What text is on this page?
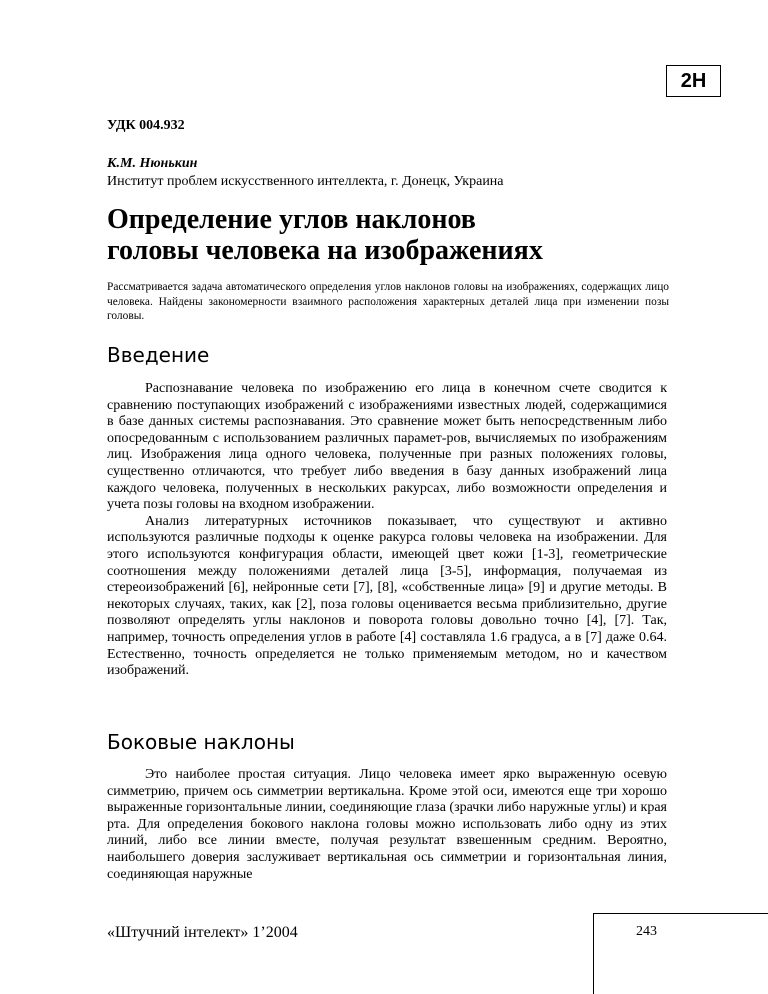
2Н
УДК 004.932
К.М. Нюнькин
Институт проблем искусственного интеллекта, г. Донецк, Украина
Определение углов наклонов
головы человека на изображениях

Рассматривается задача автоматического определения углов наклонов головы на изображениях, содержащих лицо человека. Найдены закономерности взаимного расположения характерных деталей лица при изменении позы головы.

Введение

Распознавание человека по изображению его лица в конечном счете сводится к сравнению поступающих изображений с изображениями известных людей, содержащимися в базе данных системы распознавания. Это сравнение может быть непосредственным либо опосредованным с использованием различных парамет-ров, вычисляемых по изображениям лиц. Изображения лица одного человека, полученные при разных положениях головы, существенно отличаются, что требует либо введения в базу данных изображений лица каждого человека, полученных в нескольких ракурсах, либо возможности определения и учета позы головы на входном изображении.

Анализ литературных источников показывает, что существуют и активно используются различные подходы к оценке ракурса головы человека на изображении. Для этого используются конфигурация области, имеющей цвет кожи [1-3], геометрические соотношения между положениями деталей лица [3-5], информация, получаемая из стереоизображений [6], нейронные сети [7], [8], «собственные лица» [9] и другие методы. В некоторых случаях, таких, как [2], поза головы оценивается весьма приблизительно, другие позволяют определять углы наклонов и поворота головы довольно точно [4], [7]. Так, например, точность определения углов в работе [4] составляла 1.6 градуса, а в [7] даже 0.64. Естественно, точность определяется не только применяемым методом, но и качеством изображений.

Боковые наклоны

Это наиболее простая ситуация. Лицо человека имеет ярко выраженную осевую симметрию, причем ось симметрии вертикальна. Кроме этой оси, имеются еще три хорошо выраженные горизонтальные линии, соединяющие глаза (зрачки либо наружные углы) и края рта. Для определения бокового наклона головы можно использовать либо одну из этих линий, либо все линии вместе, получая результат взвешенным средним. Вероятно, наибольшего доверия заслуживает вертикальная ось симметрии и горизонтальная линия, соединяющая наружные

«Штучний інтелект» 1’2004	243
